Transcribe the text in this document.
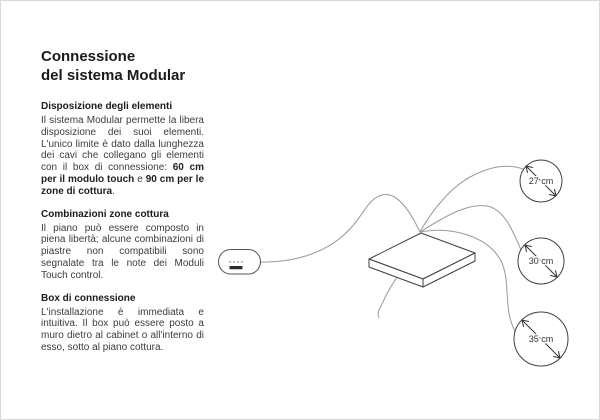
Connessione
del sistema Modular
Disposizione degli elementi

Il sistema Modular permette la libera disposizione dei suoi elementi. L'unico limite è dato dalla lunghezza dei cavi che collegano gli elementi con il box di connessione: 60 cm per il modulo touch e 90 cm per le zone di cottura.

Combinazioni zone cottura

Il piano può essere composto in piena libertà; alcune combinazioni di piastre non compatibili sono segnalate tra le note dei Moduli Touch control.

Box di connessione

L'installazione è immediata e intuitiva. Il box può essere posto a muro dietro al cabinet o all'interno di esso, sotto al piano cottura.

27 cm
30 cm
35 cm
